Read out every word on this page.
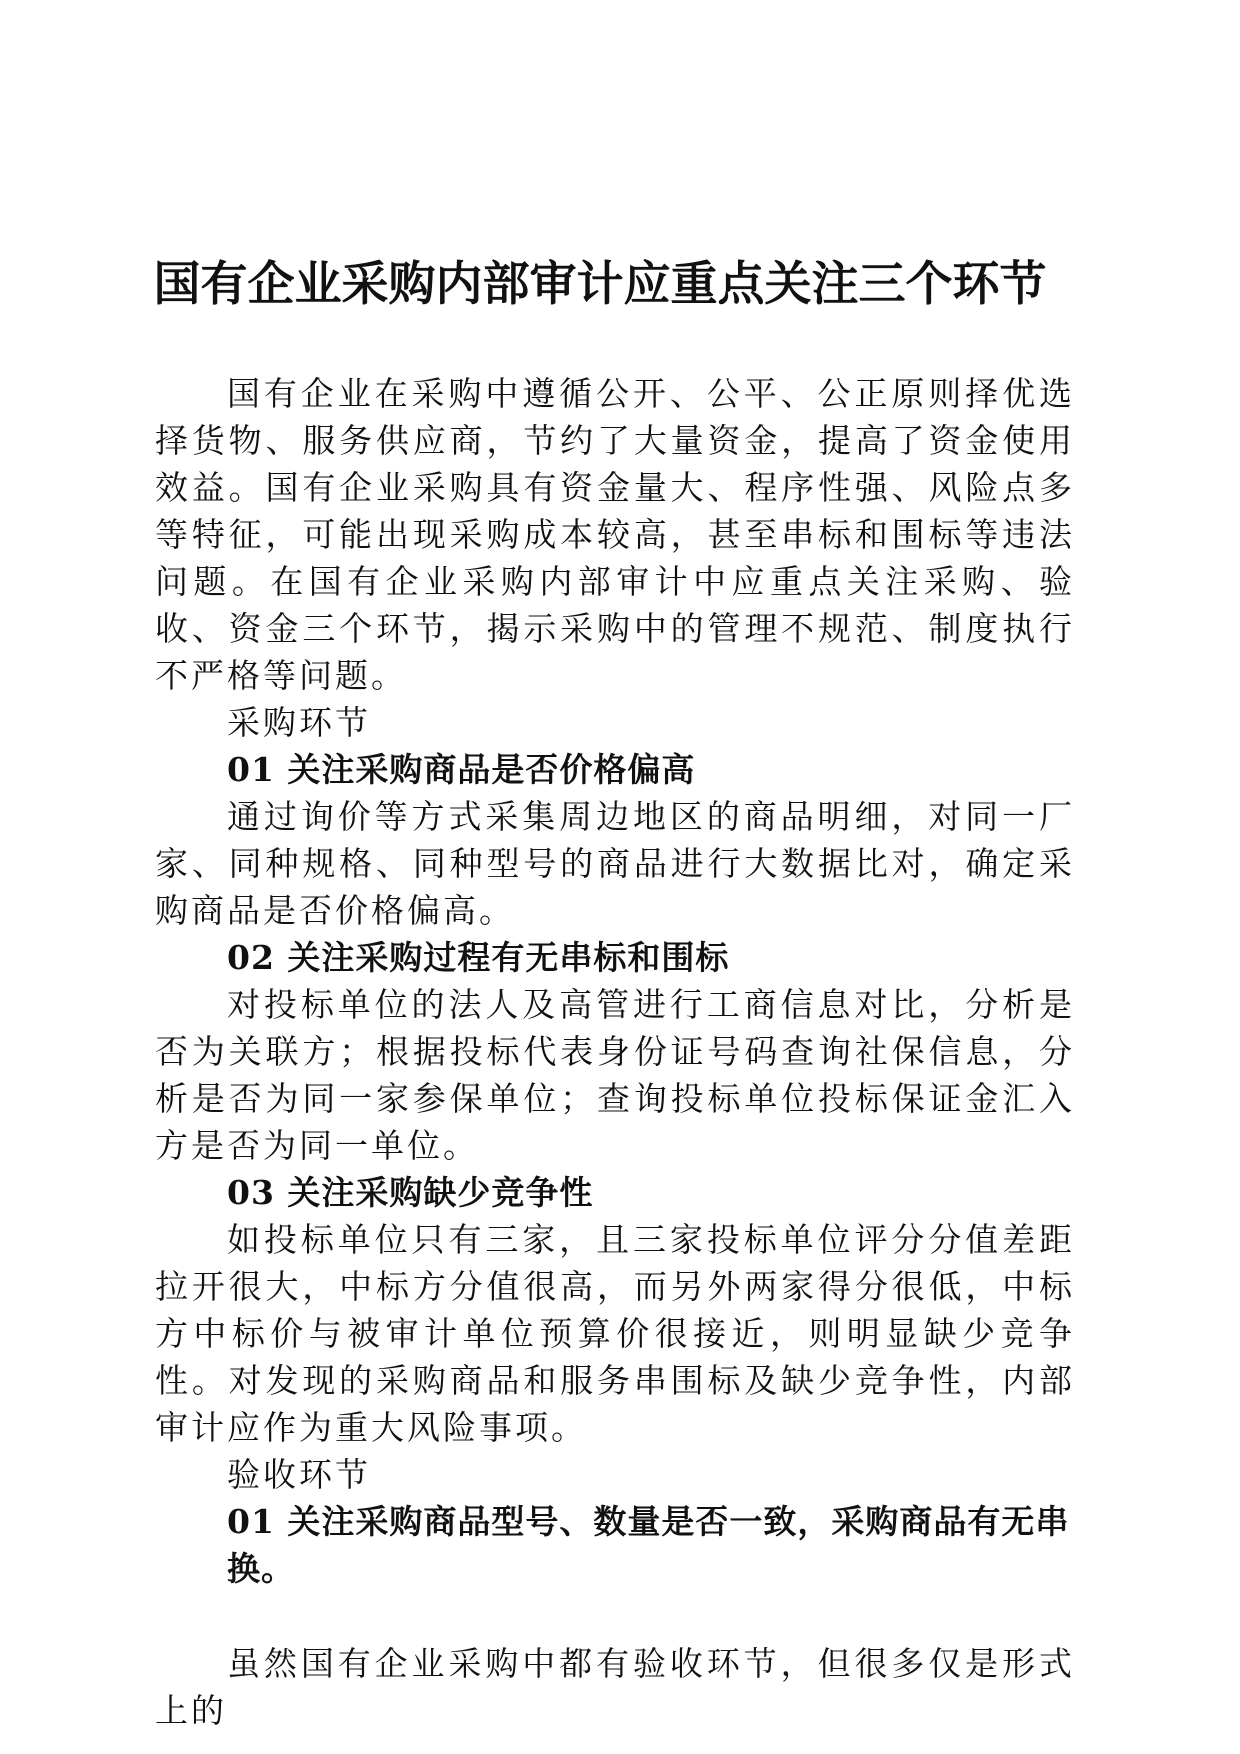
国有企业采购内部审计应重点关注三个环节

国有企业在采购中遵循公开、公平、公正原则择优选择货物、服务供应商，节约了大量资金，提高了资金使用效益。国有企业采购具有资金量大、程序性强、风险点多等特征，可能出现采购成本较高，甚至串标和围标等违法问题。在国有企业采购内部审计中应重点关注采购、验收、资金三个环节，揭示采购中的管理不规范、制度执行不严格等问题。

采购环节
01 关注采购商品是否价格偏高

通过询价等方式采集周边地区的商品明细，对同一厂家、同种规格、同种型号的商品进行大数据比对，确定采购商品是否价格偏高。

02 关注采购过程有无串标和围标

对投标单位的法人及高管进行工商信息对比，分析是否为关联方；根据投标代表身份证号码查询社保信息，分析是否为同一家参保单位；查询投标单位投标保证金汇入方是否为同一单位。

03 关注采购缺少竞争性

如投标单位只有三家，且三家投标单位评分分值差距拉开很大，中标方分值很高，而另外两家得分很低，中标方中标价与被审计单位预算价很接近，则明显缺少竞争性。对发现的采购商品和服务串围标及缺少竞争性，内部审计应作为重大风险事项。

验收环节
01 关注采购商品型号、数量是否一致，采购商品有无串换。

虽然国有企业采购中都有验收环节，但很多仅是形式上的
